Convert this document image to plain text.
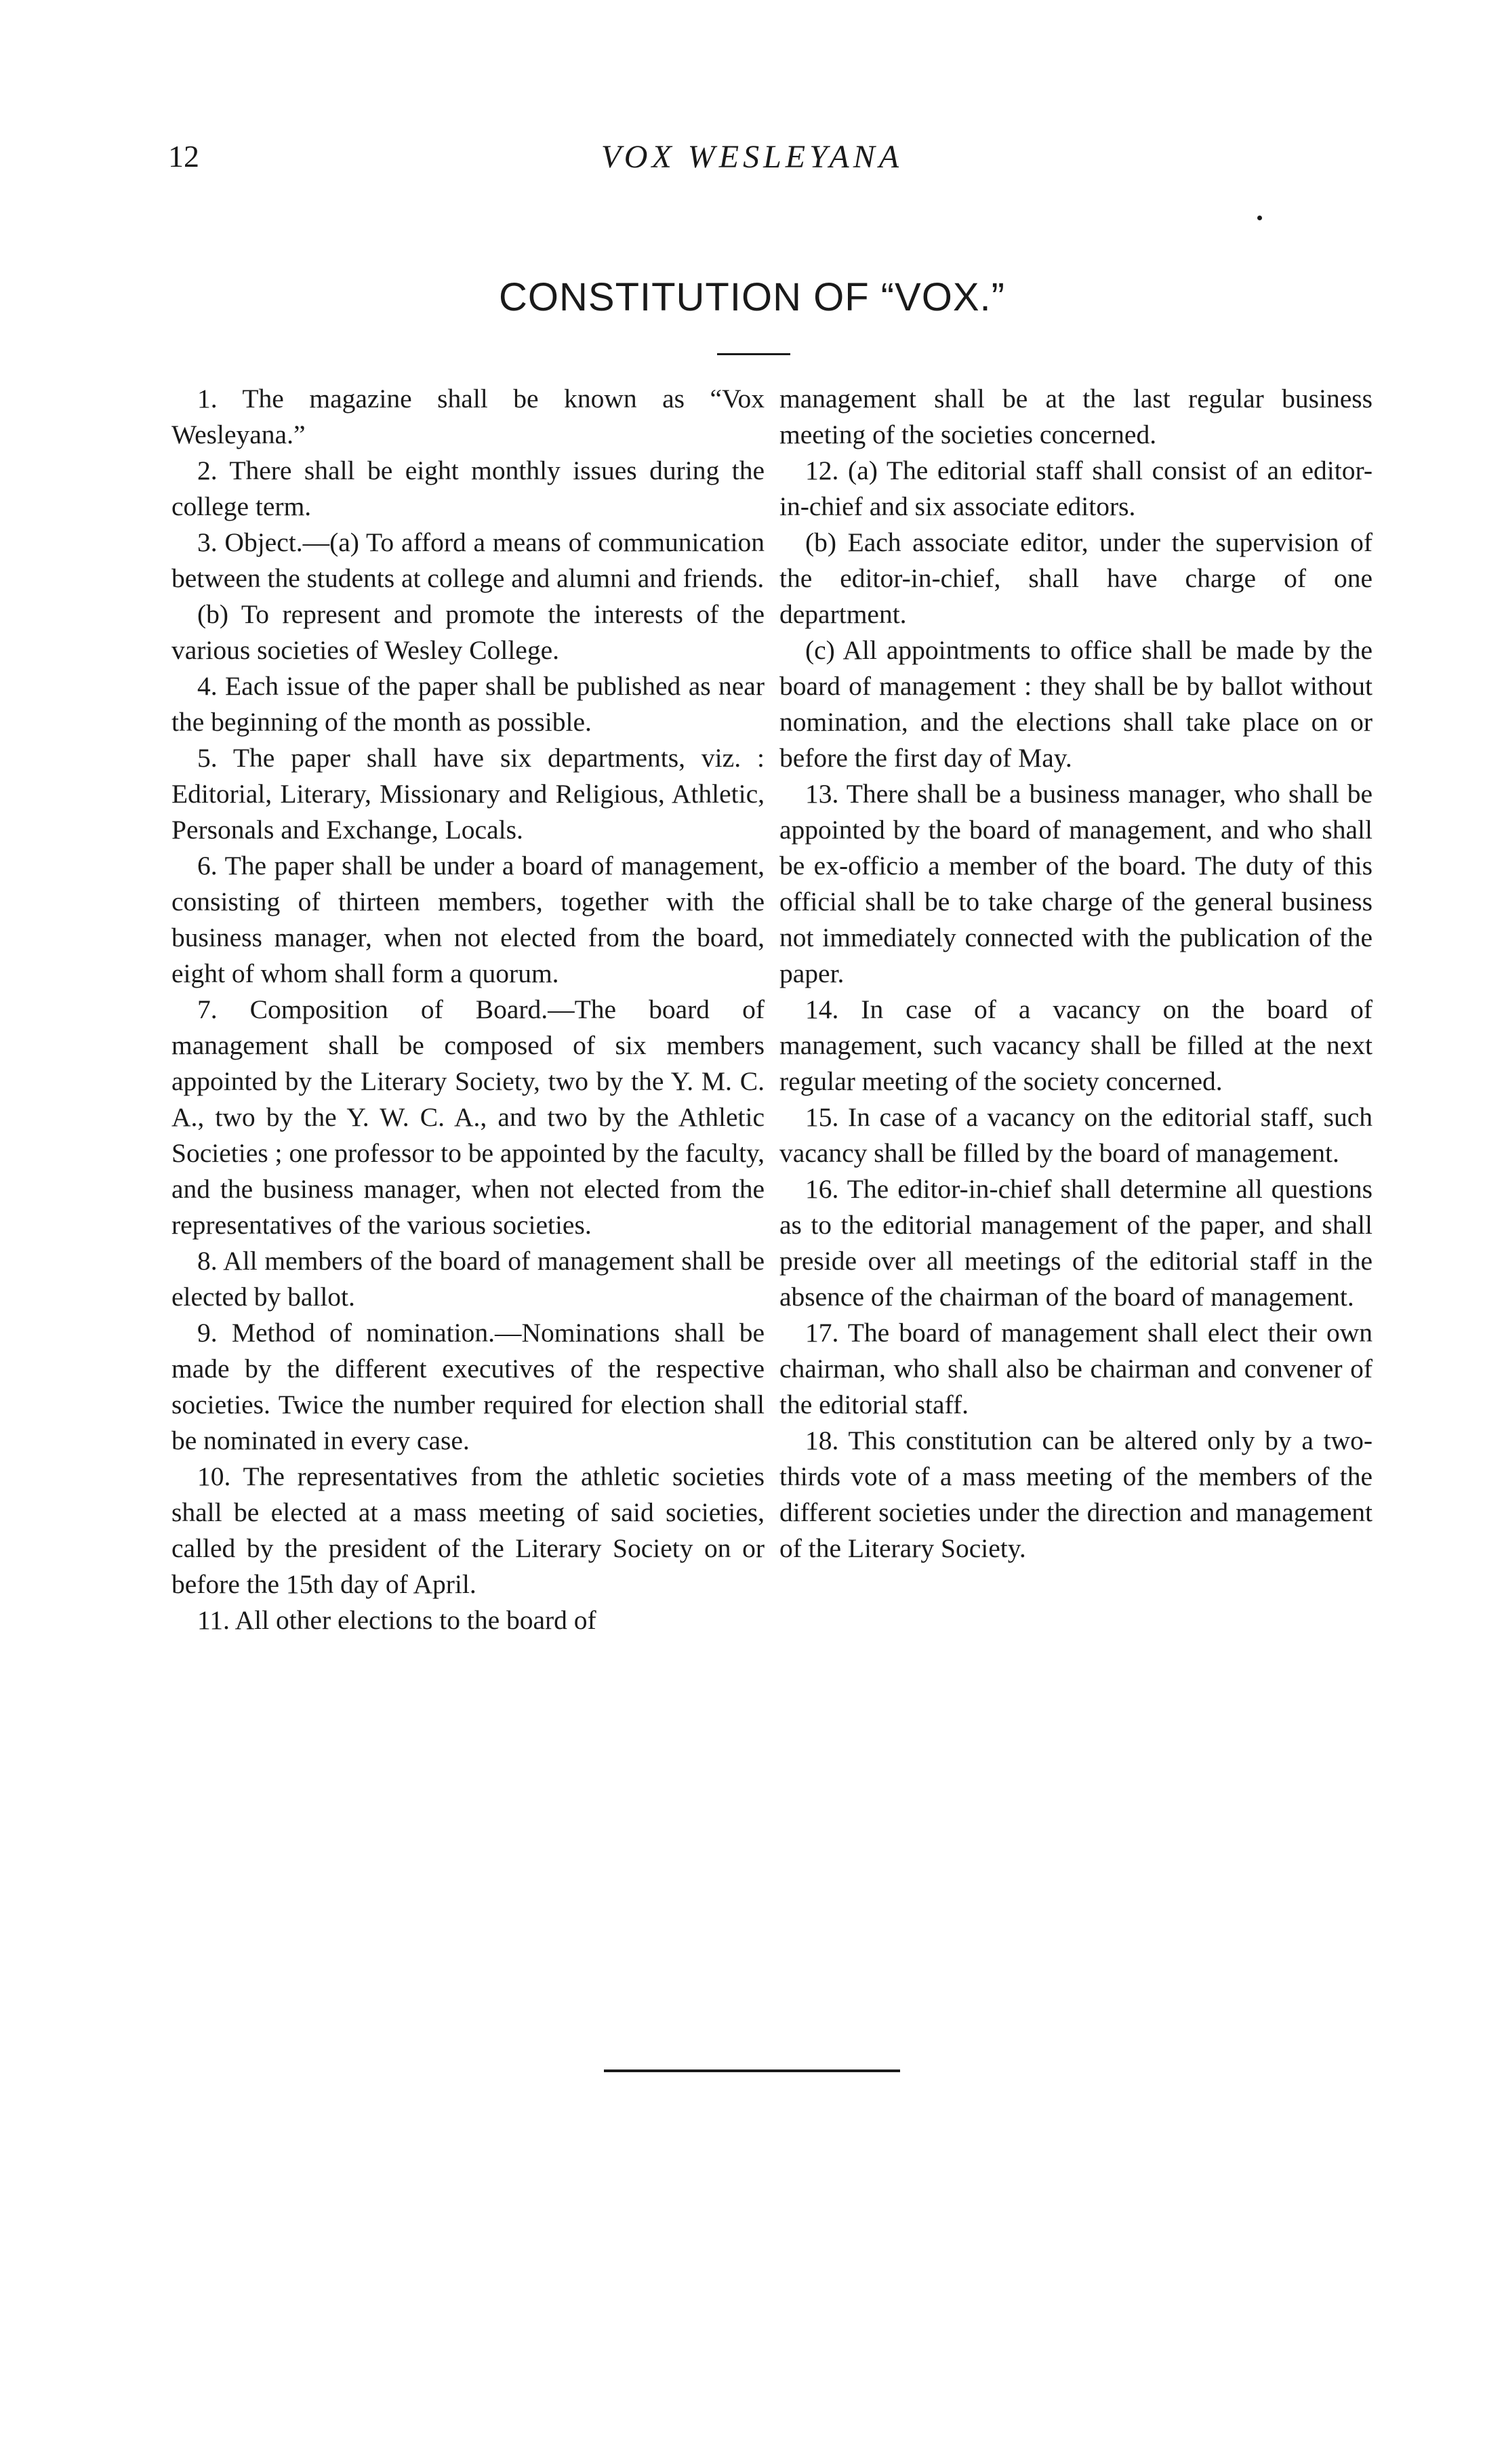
12	VOX WESLEYANA
CONSTITUTION OF “VOX.”

1. The magazine shall be known as “Vox Wesleyana.”

2. There shall be eight monthly issues during the college term.

3. Object.—(a) To afford a means of communication between the students at college and alumni and friends.

(b) To represent and promote the interests of the various societies of Wesley College.

4. Each issue of the paper shall be published as near the beginning of the month as possible.

5. The paper shall have six departments, viz. : Editorial, Literary, Missionary and Religious, Athletic, Personals and Exchange, Locals.

6. The paper shall be under a board of management, consisting of thirteen members, together with the business manager, when not elected from the board, eight of whom shall form a quorum.

7. Composition of Board.—The board of management shall be composed of six members appointed by the Literary Society, two by the Y. M. C. A., two by the Y. W. C. A., and two by the Athletic Societies ; one professor to be appointed by the faculty, and the business manager, when not elected from the representatives of the various societies.

8. All members of the board of management shall be elected by ballot.

9. Method of nomination.—Nominations shall be made by the different executives of the respective societies. Twice the number required for election shall be nominated in every case.

10. The representatives from the athletic societies shall be elected at a mass meeting of said societies, called by the president of the Literary Society on or before the 15th day of April.

11. All other elections to the board of

management shall be at the last regular business meeting of the societies concerned.

12. (a) The editorial staff shall consist of an editor-in-chief and six associate editors.

(b) Each associate editor, under the supervision of the editor-in-chief, shall have charge of one department.

(c) All appointments to office shall be made by the board of management : they shall be by ballot without nomination, and the elections shall take place on or before the first day of May.

13. There shall be a business manager, who shall be appointed by the board of management, and who shall be ex-officio a member of the board. The duty of this official shall be to take charge of the general business not immediately connected with the publication of the paper.

14. In case of a vacancy on the board of management, such vacancy shall be filled at the next regular meeting of the society concerned.

15. In case of a vacancy on the editorial staff, such vacancy shall be filled by the board of management.

16. The editor-in-chief shall determine all questions as to the editorial management of the paper, and shall preside over all meetings of the editorial staff in the absence of the chairman of the board of management.

17. The board of management shall elect their own chairman, who shall also be chairman and convener of the editorial staff.

18. This constitution can be altered only by a two-thirds vote of a mass meeting of the members of the different societies under the direction and management of the Literary Society.
